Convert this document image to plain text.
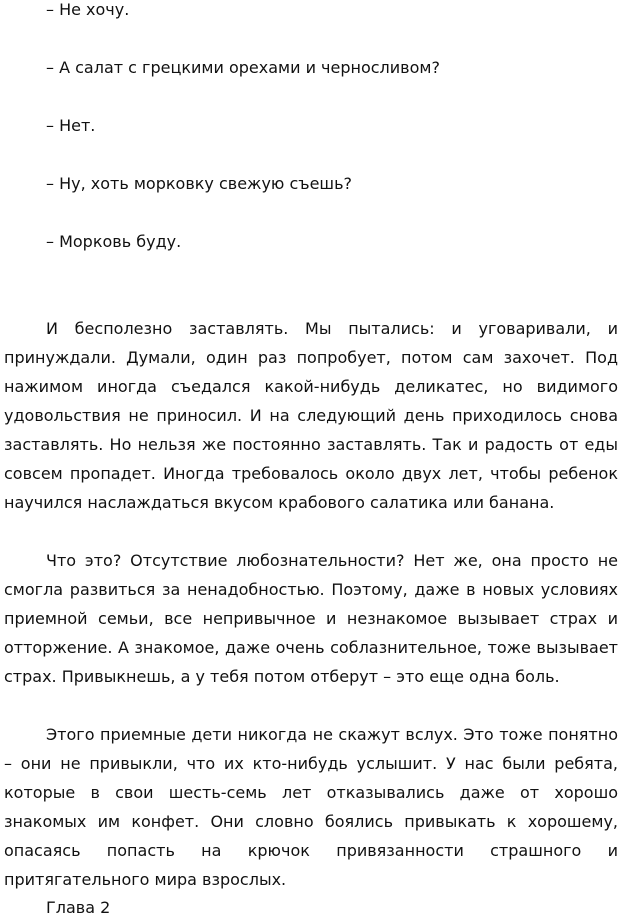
– Не хочу.

– А салат с грецкими орехами и черносливом?

– Нет.

– Ну, хоть морковку свежую съешь?

– Морковь буду.

И бесполезно заставлять. Мы пытались: и уговаривали, и принуждали. Думали, один раз попробует, потом сам захочет. Под нажимом иногда съедался какой-нибудь деликатес, но видимого удовольствия не приносил. И на следующий день приходилось снова заставлять. Но нельзя же постоянно заставлять. Так и радость от еды совсем пропадет. Иногда требовалось около двух лет, чтобы ребенок научился наслаждаться вкусом крабового салатика или банана.

Что это? Отсутствие любознательности? Нет же, она просто не смогла развиться за ненадобностью. Поэтому, даже в новых условиях приемной семьи, все непривычное и незнакомое вызывает страх и отторжение. А знакомое, даже очень соблазнительное, тоже вызывает страх. Привыкнешь, а у тебя потом отберут – это еще одна боль.

Этого приемные дети никогда не скажут вслух. Это тоже понятно – они не привыкли, что их кто-нибудь услышит. У нас были ребята, которые в свои шесть-семь лет отказывались даже от хорошо знакомых им конфет. Они словно боялись привыкать к хорошему, опасаясь попасть на крючок привязанности страшного и притягательного мира взрослых.

Глава 2
